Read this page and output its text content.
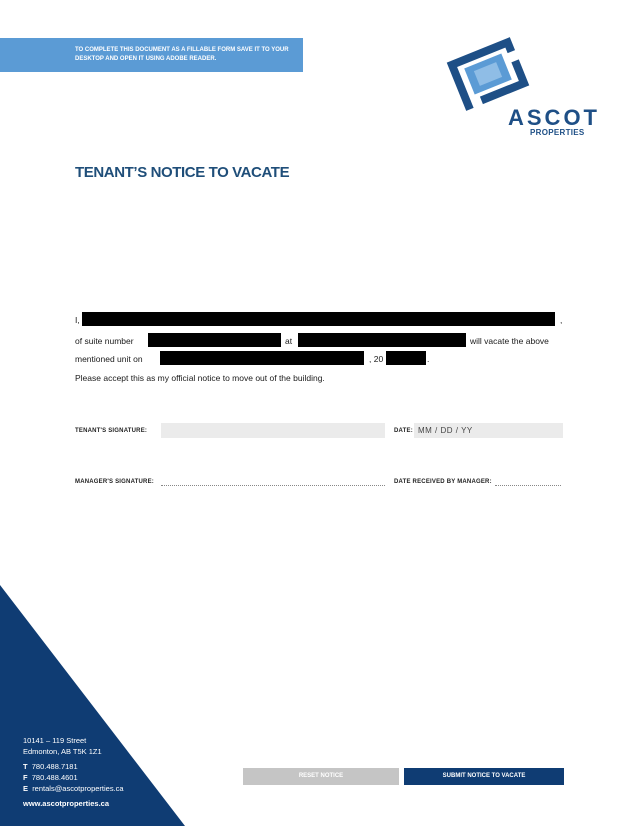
TO COMPLETE THIS DOCUMENT AS A FILLABLE FORM SAVE IT TO YOUR DESKTOP AND OPEN IT USING ADOBE READER.
ASCOT
PROPERTIES
TENANT’S NOTICE TO VACATE
I,	,
of suite number	at	will vacate the above
mentioned unit on	, 20	.
Please accept this as my official notice to move out of the building.
TENANT'S SIGNATURE:	DATE: MM / DD / YY
MANAGER'S SIGNATURE:	DATE RECEIVED BY MANAGER:
10141 – 119 Street
Edmonton, AB T5K 1Z1
T 780.488.7181
F 780.488.4601
E rentals@ascotproperties.ca
www.ascotproperties.ca
RESET NOTICE	SUBMIT NOTICE TO VACATE
